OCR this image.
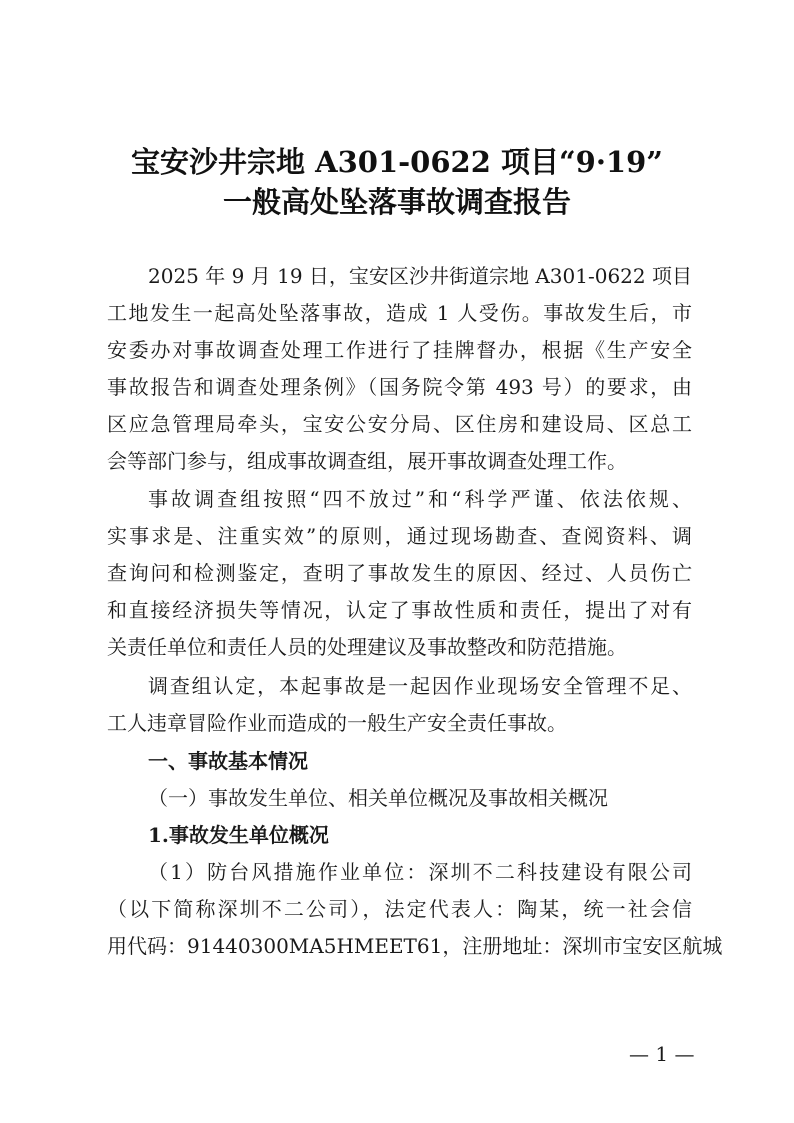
宝安沙井宗地 A301-0622 项目“9·19”
一般高处坠落事故调查报告
2025 年 9 月 19 日，宝安区沙井街道宗地 A301-0622 项目
工地发生一起高处坠落事故，造成 1 人受伤。事故发生后，市
安委办对事故调查处理工作进行了挂牌督办，根据《生产安全
事故报告和调查处理条例》（国务院令第 493 号）的要求，由
区应急管理局牵头，宝安公安分局、区住房和建设局、区总工
会等部门参与，组成事故调查组，展开事故调查处理工作。
事故调查组按照“四不放过”和“科学严谨、依法依规、
实事求是、注重实效”的原则，通过现场勘查、查阅资料、调
查询问和检测鉴定，查明了事故发生的原因、经过、人员伤亡
和直接经济损失等情况，认定了事故性质和责任，提出了对有
关责任单位和责任人员的处理建议及事故整改和防范措施。
调查组认定，本起事故是一起因作业现场安全管理不足、
工人违章冒险作业而造成的一般生产安全责任事故。
一、事故基本情况
（一）事故发生单位、相关单位概况及事故相关概况
1.事故发生单位概况
（1）防台风措施作业单位：深圳不二科技建设有限公司
（以下简称深圳不二公司），法定代表人：陶某，统一社会信
用代码：91440300MA5HMEET61，注册地址：深圳市宝安区航城
— 1 —
